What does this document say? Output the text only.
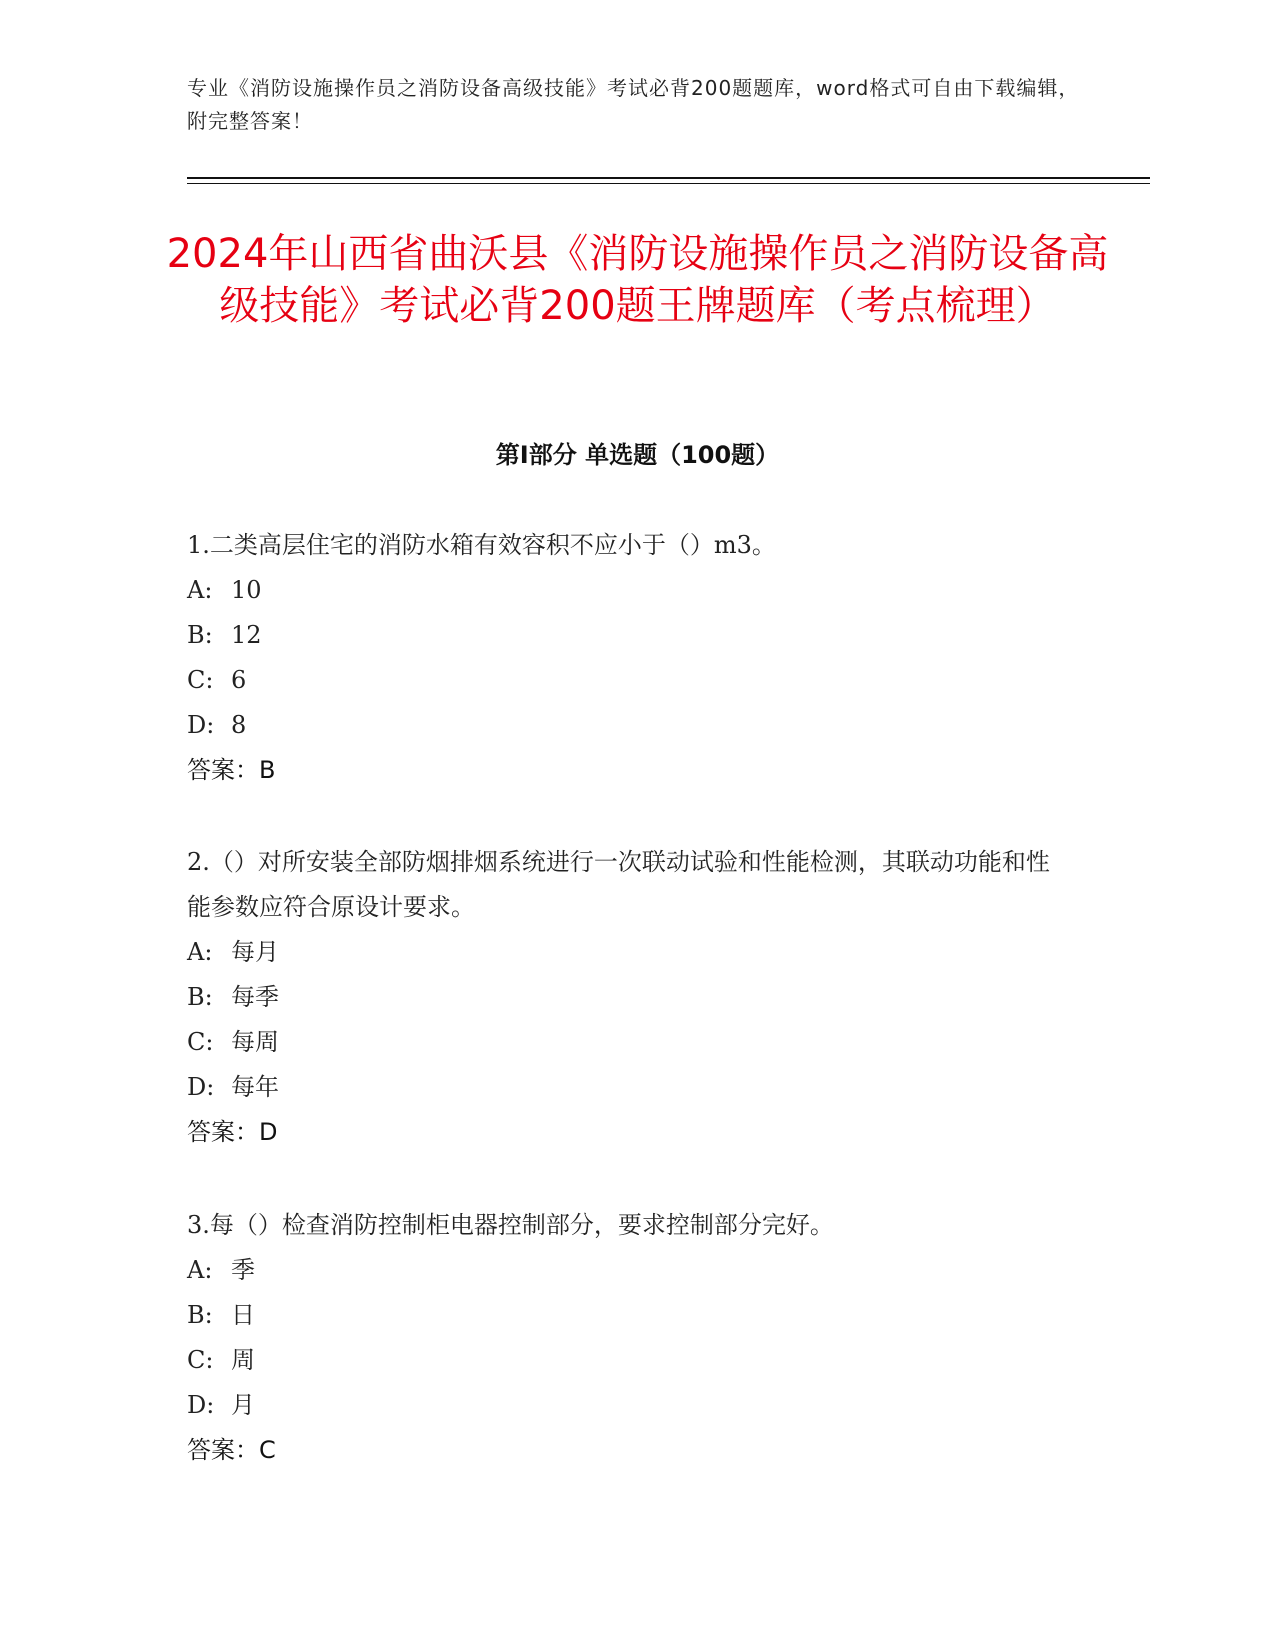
专业《消防设施操作员之消防设备高级技能》考试必背200题题库，word格式可自由下载编辑，附完整答案！
2024年山西省曲沃县《消防设施操作员之消防设备高级技能》考试必背200题王牌题库（考点梳理）
第I部分 单选题（100题）

1.二类高层住宅的消防水箱有效容积不应小于（）m3。

A: 10
B: 12
C: 6
D: 8
答案：B

2.（）对所安装全部防烟排烟系统进行一次联动试验和性能检测，其联动功能和性能参数应符合原设计要求。

A: 每月
B: 每季
C: 每周
D: 每年
答案：D

3.每（）检查消防控制柜电器控制部分，要求控制部分完好。

A: 季
B: 日
C: 周
D: 月
答案：C
